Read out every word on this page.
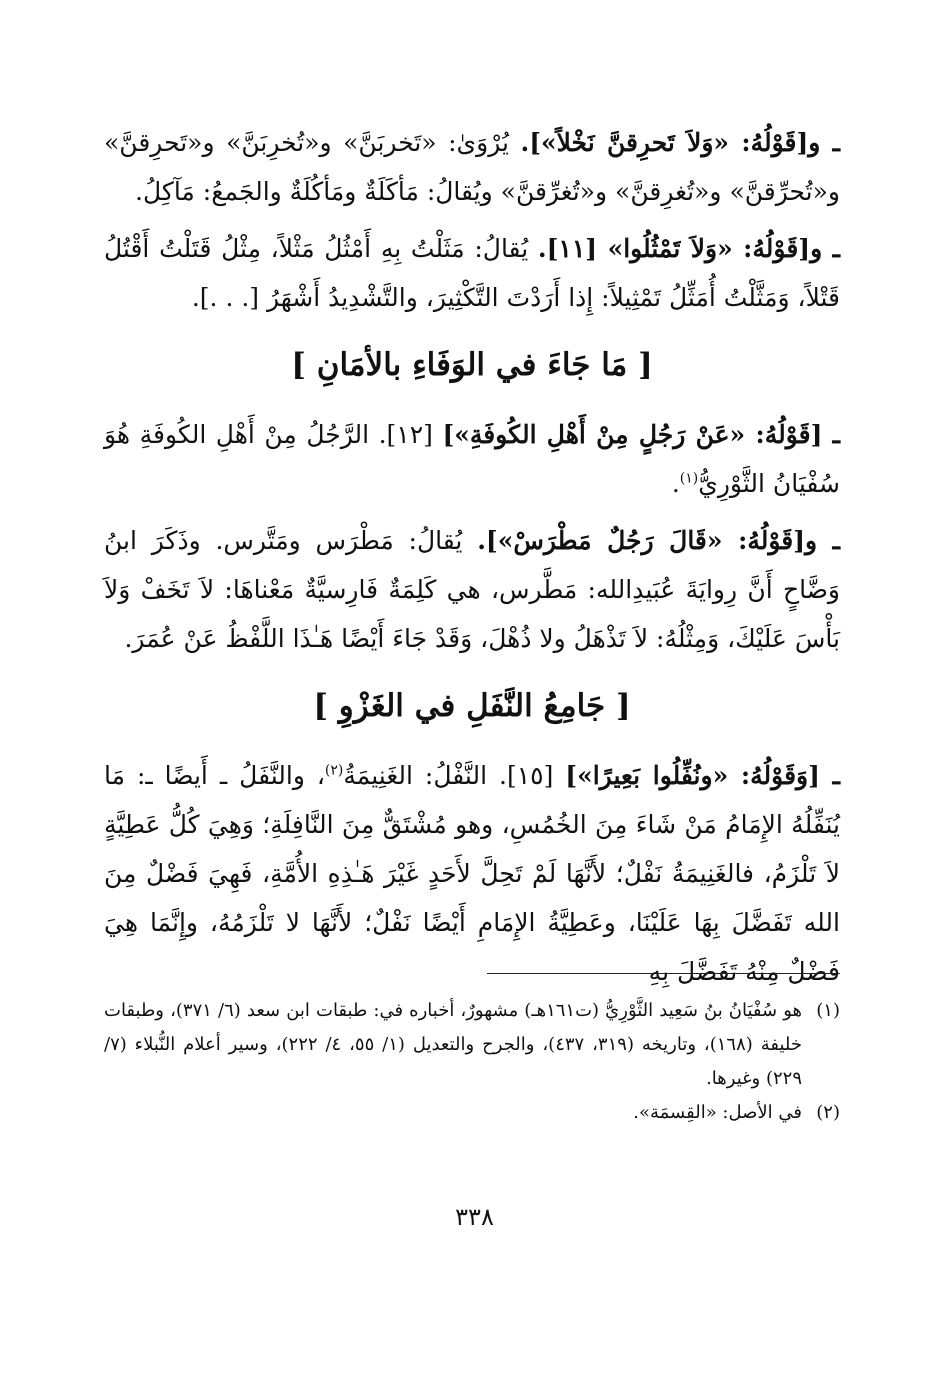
ـ و[قَوْلُهُ: «وَلاَ تَحرِقنَّ نَخْلاً»]. يُرْوَىٰ: «تَخربَنَّ» و«تُخرِبَنَّ» و«تَحرِقنَّ» و«تُحرِّقنَّ» و«تُغرِقنَّ» و«تُغرِّقنَّ» ويُقالُ: مَأكَلَةٌ ومَأكُلَةٌ والجَمعُ: مَآكِلُ.

ـ و[قَوْلُهُ: «وَلاَ تَمْثُلُوا» [١١]. يُقالُ: مَثَلْتُ بِهِ أَمْثُلُ مَثْلاً، مِثْلُ قَتَلْتُ أَقْتُلُ قَتْلاً، وَمَثَّلْتُ أُمَثِّلُ تَمْثِيلاً: إِذا أَرَدْتَ التَّكْثِيرَ، والتَّشْدِيدُ أَشْهَرُ [. . .].

[ مَا جَاءَ في الوَفَاءِ بالأمَانِ ]

ـ [قَوْلُهُ: «عَنْ رَجُلٍ مِنْ أَهْلِ الكُوفَةِ»] [١٢]. الرَّجُلُ مِنْ أَهْلِ الكُوفَةِ هُوَ سُفْيَانُ الثَّوْرِيُّ$^{(١)}$.

ـ و[قَوْلُهُ: «قَالَ رَجُلٌ مَطْرَسْ»]. يُقالُ: مَطْرَس ومَتَّرس. وذَكَرَ ابنُ وَضَّاحٍ أَنَّ رِوايَةَ عُبَيدِالله: مَطَّرس، هي كَلِمَةٌ فَارِسيَّةٌ مَعْناهَا: لاَ تَخَفْ وَلاَ بَأْسَ عَلَيْكَ، وَمِثْلُهُ: لاَ تَذْهَلُ ولا ذُهْلَ، وَقَدْ جَاءَ أَيْضًا هَـٰذَا اللَّفْظُ عَنْ عُمَرَ.

[ جَامِعُ النَّفَلِ في الغَزْوِ ]

ـ [وَقَوْلُهُ: «ونُفِّلُوا بَعِيرًا»] [١٥]. النَّفْلُ: الغَنِيمَةُ$^{(٢)}$، والنَّفَلُ ـ أَيضًا ـ: مَا يُنَفِّلُهُ الإِمَامُ مَنْ شَاءَ مِنَ الخُمُسِ، وهو مُشْتَقٌّ مِنَ النَّافِلَةِ؛ وَهِيَ كُلُّ عَطِيَّةٍ لاَ تَلْزَمُ، فالغَنِيمَةُ نَفْلٌ؛ لأَنَّهَا لَمْ تَحِلَّ لأَحَدٍ غَيْرَ هَـٰذِهِ الأُمَّةِ، فَهِيَ فَضْلٌ مِنَ الله تَفَضَّلَ بِهَا عَلَيْنَا، وعَطِيَّةُ الإِمَامِ أَيْضًا نَفْلٌ؛ لأَنَّهَا لا تَلْزَمُهُ، وإِنَّمَا هِيَ فَضْلٌ مِنْهُ تَفَضَّلَ بِهِ

(١)
هو سُفْيَانُ بنُ سَعِيد الثَّوْرِيُّ (ت١٦١هـ) مشهورٌ، أخباره في: طبقات ابن سعد (٦/ ٣٧١)، وطبقات خليفة (١٦٨)، وتاريخه (٣١٩، ٤٣٧)، والجرح والتعديل (١/ ٥٥، ٤/ ٢٢٢)، وسير أعلام النُّبلاء (٧/ ٢٢٩) وغيرها.
(٢)
في الأصل: «القِسمَة».
٣٣٨
